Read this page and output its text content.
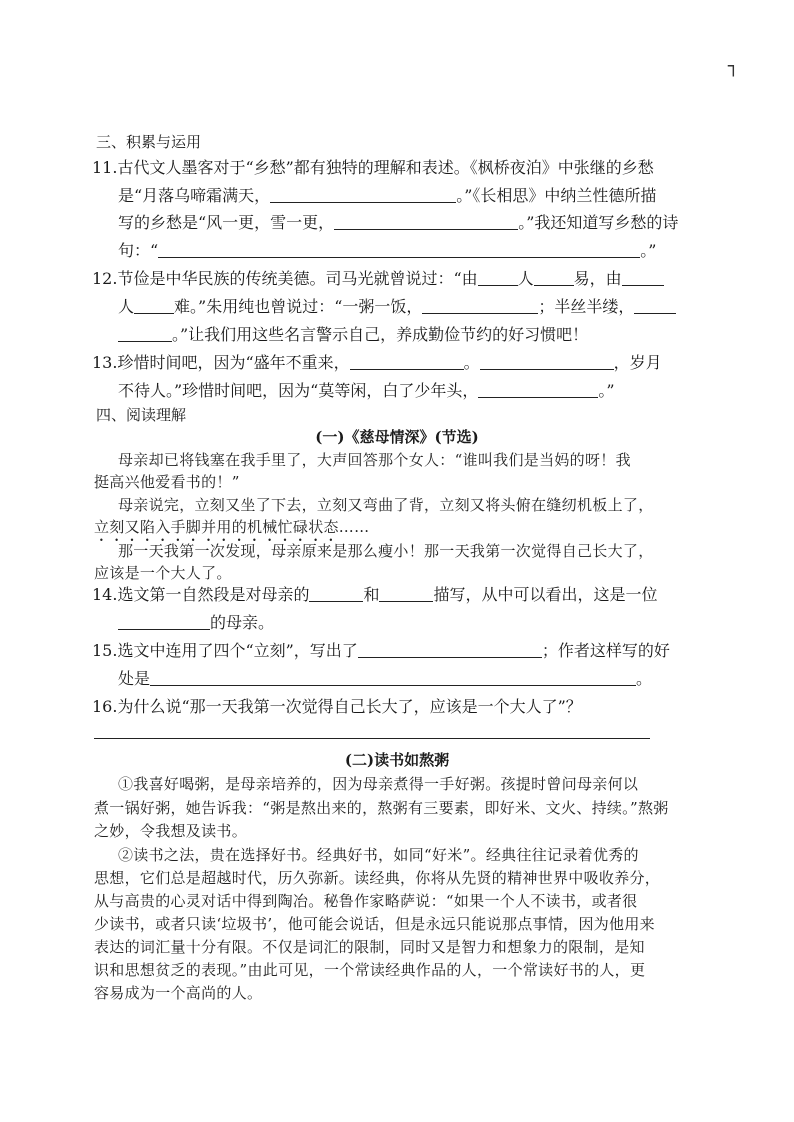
┐
三、积累与运用
11.古代文人墨客对于“乡愁”都有独特的理解和表述。《枫桥夜泊》中张继的乡愁
是“月落乌啼霜满天，	。”《长相思》中纳兰性德所描
写的乡愁是“风一更，雪一更，	。”我还知道写乡愁的诗
句：“	。”
12.节俭是中华民族的传统美德。司马光就曾说过：“由	人	易，由
人	难。”朱用纯也曾说过：“一粥一饭，	；半丝半缕，
。”让我们用这些名言警示自己，养成勤俭节约的好习惯吧！
13.珍惜时间吧，因为“盛年不重来，	。	，岁月
不待人。”珍惜时间吧，因为“莫等闲，白了少年头，	。”
四、阅读理解
(一)《慈母情深》(节选)
母亲却已将钱塞在我手里了，大声回答那个女人：“谁叫我们是当妈的呀！我
挺高兴他爱看书的！”
母亲说完，立刻又坐了下去，立刻又弯曲了背，立刻又将头俯在缝纫机板上了，
立刻又陷入手脚并用的机械忙碌状态……
那一天我第一次发现，母亲原来是那么瘦小！那一天我第一次觉得自己长大了，
应该是一个大人了。
14.选文第一自然段是对母亲的	和	描写，从中可以看出，这是一位
的母亲。
15.选文中连用了四个“立刻”，写出了	；作者这样写的好
处是	。
16.为什么说“那一天我第一次觉得自己长大了，应该是一个大人了”？
(二)读书如熬粥
①我喜好喝粥，是母亲培养的，因为母亲煮得一手好粥。孩提时曾问母亲何以
煮一锅好粥，她告诉我：“粥是熬出来的，熬粥有三要素，即好米、文火、持续。”熬粥
之妙，令我想及读书。
②读书之法，贵在选择好书。经典好书，如同“好米”。经典往往记录着优秀的
思想，它们总是超越时代，历久弥新。读经典，你将从先贤的精神世界中吸收养分，
从与高贵的心灵对话中得到陶冶。秘鲁作家略萨说：“如果一个人不读书，或者很
少读书，或者只读‘垃圾书’，他可能会说话，但是永远只能说那点事情，因为他用来
表达的词汇量十分有限。不仅是词汇的限制，同时又是智力和想象力的限制，是知
识和思想贫乏的表现。”由此可见，一个常读经典作品的人，一个常读好书的人，更
容易成为一个高尚的人。
